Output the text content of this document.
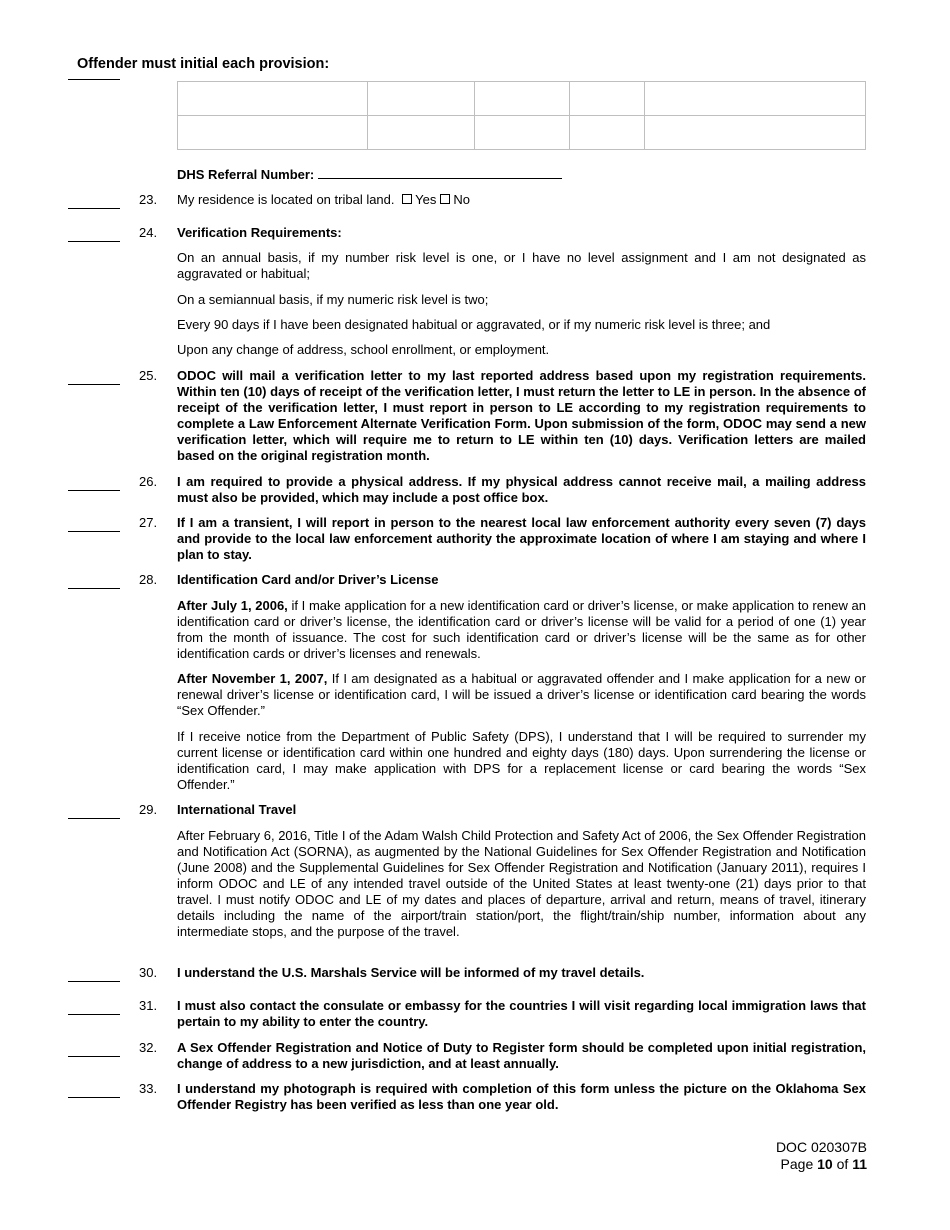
Offender must initial each provision:

DHS Referral Number:
23.	My residence is located on tribal land. Yes No
24.	Verification Requirements:
On an annual basis, if my number risk level is one, or I have no level assignment and I am not designated as aggravated or habitual;
On a semiannual basis, if my numeric risk level is two;
Every 90 days if I have been designated habitual or aggravated, or if my numeric risk level is three; and
Upon any change of address, school enrollment, or employment.
25.	ODOC will mail a verification letter to my last reported address based upon my registration requirements. Within ten (10) days of receipt of the verification letter, I must return the letter to LE in person. In the absence of receipt of the verification letter, I must report in person to LE according to my registration requirements to complete a Law Enforcement Alternate Verification Form. Upon submission of the form, ODOC may send a new verification letter, which will require me to return to LE within ten (10) days. Verification letters are mailed based on the original registration month.
26.	I am required to provide a physical address. If my physical address cannot receive mail, a mailing address must also be provided, which may include a post office box.
27.	If I am a transient, I will report in person to the nearest local law enforcement authority every seven (7) days and provide to the local law enforcement authority the approximate location of where I am staying and where I plan to stay.
28.	Identification Card and/or Driver’s License
After July 1, 2006, if I make application for a new identification card or driver’s license, or make application to renew an identification card or driver’s license, the identification card or driver’s license will be valid for a period of one (1) year from the month of issuance. The cost for such identification card or driver’s license will be the same as for other identification cards or driver’s licenses and renewals.
After November 1, 2007, If I am designated as a habitual or aggravated offender and I make application for a new or renewal driver’s license or identification card, I will be issued a driver’s license or identification card bearing the words “Sex Offender.”
If I receive notice from the Department of Public Safety (DPS), I understand that I will be required to surrender my current license or identification card within one hundred and eighty days (180) days. Upon surrendering the license or identification card, I may make application with DPS for a replacement license or card bearing the words “Sex Offender.”
29.	International Travel
After February 6, 2016, Title I of the Adam Walsh Child Protection and Safety Act of 2006, the Sex Offender Registration and Notification Act (SORNA), as augmented by the National Guidelines for Sex Offender Registration and Notification (June 2008) and the Supplemental Guidelines for Sex Offender Registration and Notification (January 2011), requires I inform ODOC and LE of any intended travel outside of the United States at least twenty-one (21) days prior to that travel. I must notify ODOC and LE of my dates and places of departure, arrival and return, means of travel, itinerary details including the name of the airport/train station/port, the flight/train/ship number, information about any intermediate stops, and the purpose of the travel.
30.	I understand the U.S. Marshals Service will be informed of my travel details.
31.	I must also contact the consulate or embassy for the countries I will visit regarding local immigration laws that pertain to my ability to enter the country.
32.	A Sex Offender Registration and Notice of Duty to Register form should be completed upon initial registration, change of address to a new jurisdiction, and at least annually.
33.	I understand my photograph is required with completion of this form unless the picture on the Oklahoma Sex Offender Registry has been verified as less than one year old.
DOC 020307B
Page 10 of 11
